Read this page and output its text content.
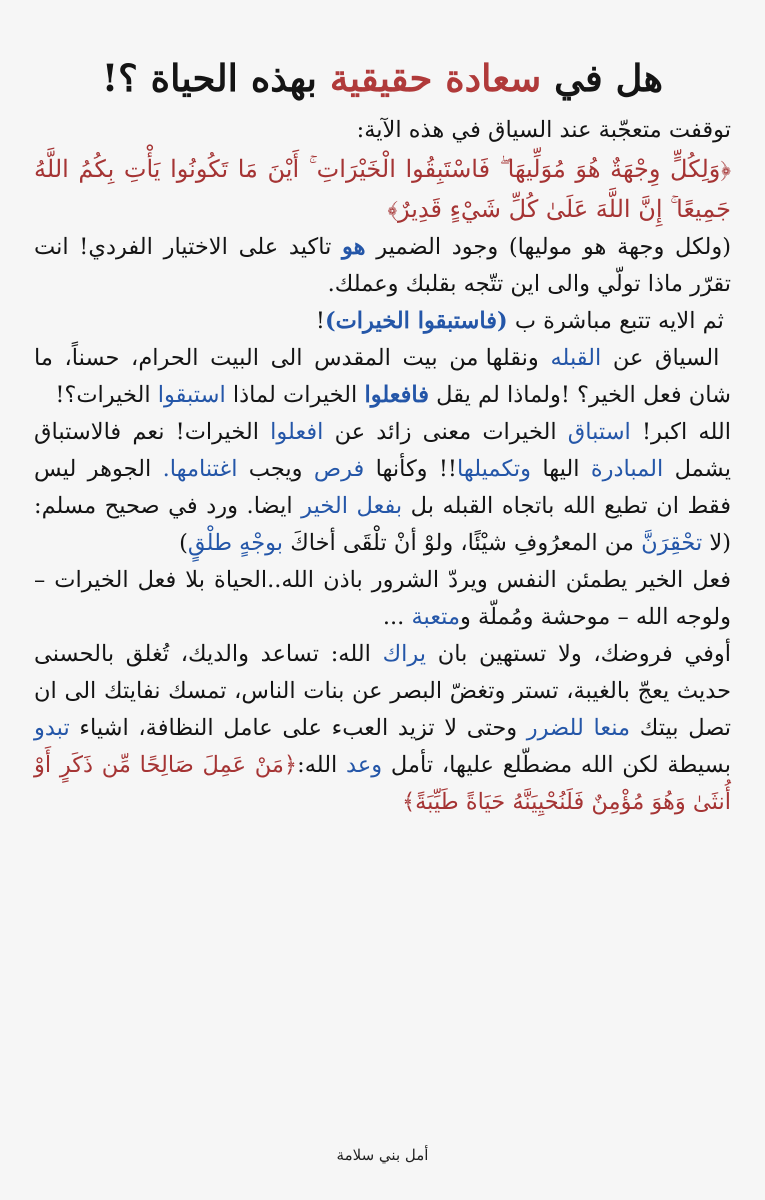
هل في سعادة حقيقية بهذه الحياة ؟!

توقفت متعجّبة عند السياق في هذه الآية:

﴿وَلِكُلٍّ وِجْهَةٌ هُوَ مُوَلِّيهَا ۖ فَاسْتَبِقُوا الْخَيْرَاتِ ۚ أَيْنَ مَا تَكُونُوا يَأْتِ بِكُمُ اللَّهُ جَمِيعًا ۚ إِنَّ اللَّهَ عَلَىٰ كُلِّ شَيْءٍ قَدِيرٌ﴾

(ولكل وجهة هو موليها) وجود الضمير هو تاكيد على الاختيار الفردي! انت تقرّر ماذا تولّي والى اين تتّجه بقلبك وعملك.

ثم الايه تتبع مباشرة ب (فاستبقوا الخيرات)!

السياق عن القبله ونقلها من بيت المقدس الى البيت الحرام، حسناً، ما شان فعل الخير؟ !ولماذا لم يقل فافعلوا الخيرات لماذا استبقوا الخيرات؟!

الله اكبر! استباق الخيرات معنى زائد عن افعلوا الخيرات! نعم فالاستباق يشمل المبادرة اليها وتكميلها!! وكأنها فرص ويجب اغتنامها. الجوهر ليس فقط ان تطيع الله باتجاه القبله بل بفعل الخير ايضا. ورد في صحيح مسلم:(لا تحْقِرَنَّ من المعرُوفِ شيْئًا، ولوْ أنْ تلْقَى أخاكَ بوجْهٍ طلْقٍ)

فعل الخير يطمئن النفس ويردّ الشرور باذن الله..الحياة بلا فعل الخيرات – ولوجه الله – موحشة ومُملّة ومتعبة ...

أوفي فروضك، ولا تستهين بان يراك الله: تساعد والديك، تُغلق بالحسنى حديث يعجّ بالغيبة، تستر وتغضّ البصر عن بنات الناس، تمسك نفايتك الى ان تصل بيتك منعا للضرر وحتى لا تزيد العبء على عامل النظافة، اشياء تبدو بسيطة لكن الله مضطّلع عليها، تأمل وعد الله:﴿مَنْ عَمِلَ صَالِحًا مِّن ذَكَرٍ أَوْ أُنثَىٰ وَهُوَ مُؤْمِنٌ فَلَنُحْيِيَنَّهُ حَيَاةً طَيِّبَةً﴾

أمل بني سلامة
